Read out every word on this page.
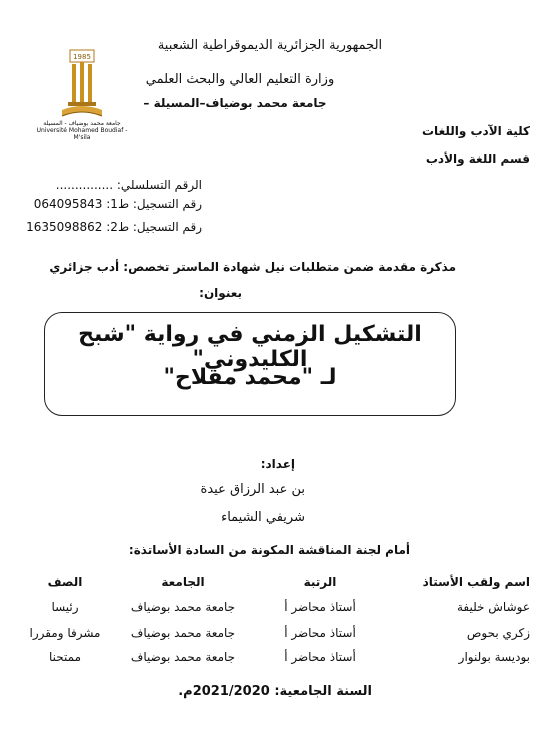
الجمهورية الجزائرية الديموقراطية الشعبية
وزارة التعليم العالي والبحث العلمي
جامعة محمد بوضياف–المسيلة –
1985
جامعة محمد بوضياف - المسيلة
Université Mohamed Boudiaf - M'sila	كلية الآدب واللغات
قسم اللغة والأدب
الرقم التسلسلي: ...............
رقم التسجيل: ط1: 064095843
رقم التسجيل: ط2: 1635098862
مذكرة مقدمة ضمن متطلبات نيل شهادة الماستر تخصص: أدب جزائري
بعنوان:
التشكيل الزمني في رواية "شبح الكليدوني"
لـ "محمد مفلاح"
إعداد:
بن عبد الرزاق عيدة
شريفي الشيماء
أمام لجنة المناقشة المكونة من السادة الأساتذة:
اسم ولقب الأستاذ
الرتبة
الجامعة
الصف
عوشاش خليفة
أستاذ محاضر أ
جامعة محمد بوضياف
رئيسا
زكري بحوص
أستاذ محاضر أ
جامعة محمد بوضياف
مشرفا ومقررا
بوديسة بولنوار
أستاذ محاضر أ
جامعة محمد بوضياف
ممتحنا
السنة الجامعية: 2021/2020م.
